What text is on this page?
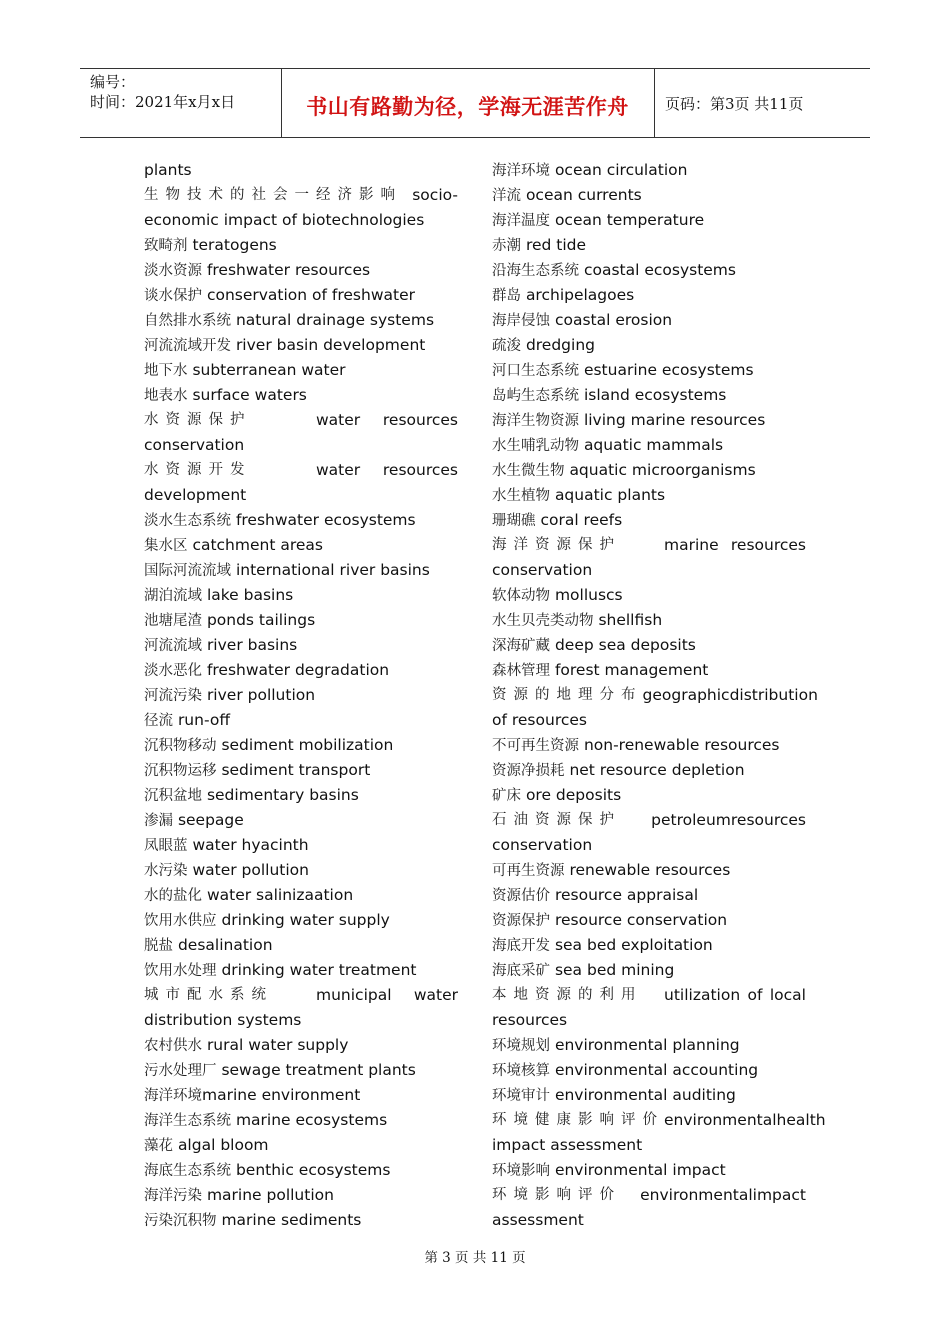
编号：
时间：2021年x月x日	书山有路勤为径，学海无涯苦作舟	页码：第3页 共11页
plants
生物技术的社会一经济影响 socio-
economic impact of biotechnologies
致畸剂 teratogens
淡水资源 freshwater resources
谈水保护 conservation of freshwater
自然排水系统 natural drainage systems
河流流域开发 river basin development
地下水 subterranean water
地表水 surface waters
水资源保护	water resources
conservation
水资源开发	water resources
development
淡水生态系统 freshwater ecosystems
集水区 catchment areas
国际河流流域 international river basins
湖泊流域 lake basins
池塘尾渣 ponds tailings
河流流域 river basins
淡水恶化 freshwater degradation
河流污染 river pollution
径流 run-off
沉积物移动 sediment mobilization
沉积物运移 sediment transport
沉积盆地 sedimentary basins
渗漏 seepage
凤眼蓝 water hyacinth
水污染 water pollution
水的盐化 water salinizaation
饮用水供应 drinking water supply
脱盐 desalination
饮用水处理 drinking water treatment
城市配水系统	municipal water
distribution systems
农村供水 rural water supply
污水处理厂 sewage treatment plants
海洋环境marine environment
海洋生态系统 marine ecosystems
藻花 algal bloom
海底生态系统 benthic ecosystems
海洋污染 marine pollution
污染沉积物 marine sediments
海洋环境 ocean circulation
洋流 ocean currents
海洋温度 ocean temperature
赤潮 red tide
沿海生态系统 coastal ecosystems
群岛 archipelagoes
海岸侵蚀 coastal erosion
疏浚 dredging
河口生态系统 estuarine ecosystems
岛屿生态系统 island ecosystems
海洋生物资源 living marine resources
水生哺乳动物 aquatic mammals
水生微生物 aquatic microorganisms
水生植物 aquatic plants
珊瑚礁 coral reefs
海洋资源保护	marine resources
conservation
软体动物 molluscs
水生贝壳类动物 shellfish
深海矿藏 deep sea deposits
森林管理 forest management
资源的地理分布 geographic distribution
of resources
不可再生资源 non-renewable resources
资源净损耗 net resource depletion
矿床 ore deposits
石油资源保护 petroleum resources
conservation
可再生资源 renewable resources
资源估价 resource appraisal
资源保护 resource conservation
海底开发 sea bed exploitation
海底采矿 sea bed mining
本地资源的利用 utilization of local
resources
环境规划 environmental planning
环境核算 environmental accounting
环境审计 environmental auditing
环境健康影响评价 environmental health
impact assessment
环境影响 environmental impact
环境影响评价 environmental impact
assessment
第 3 页 共 11 页
